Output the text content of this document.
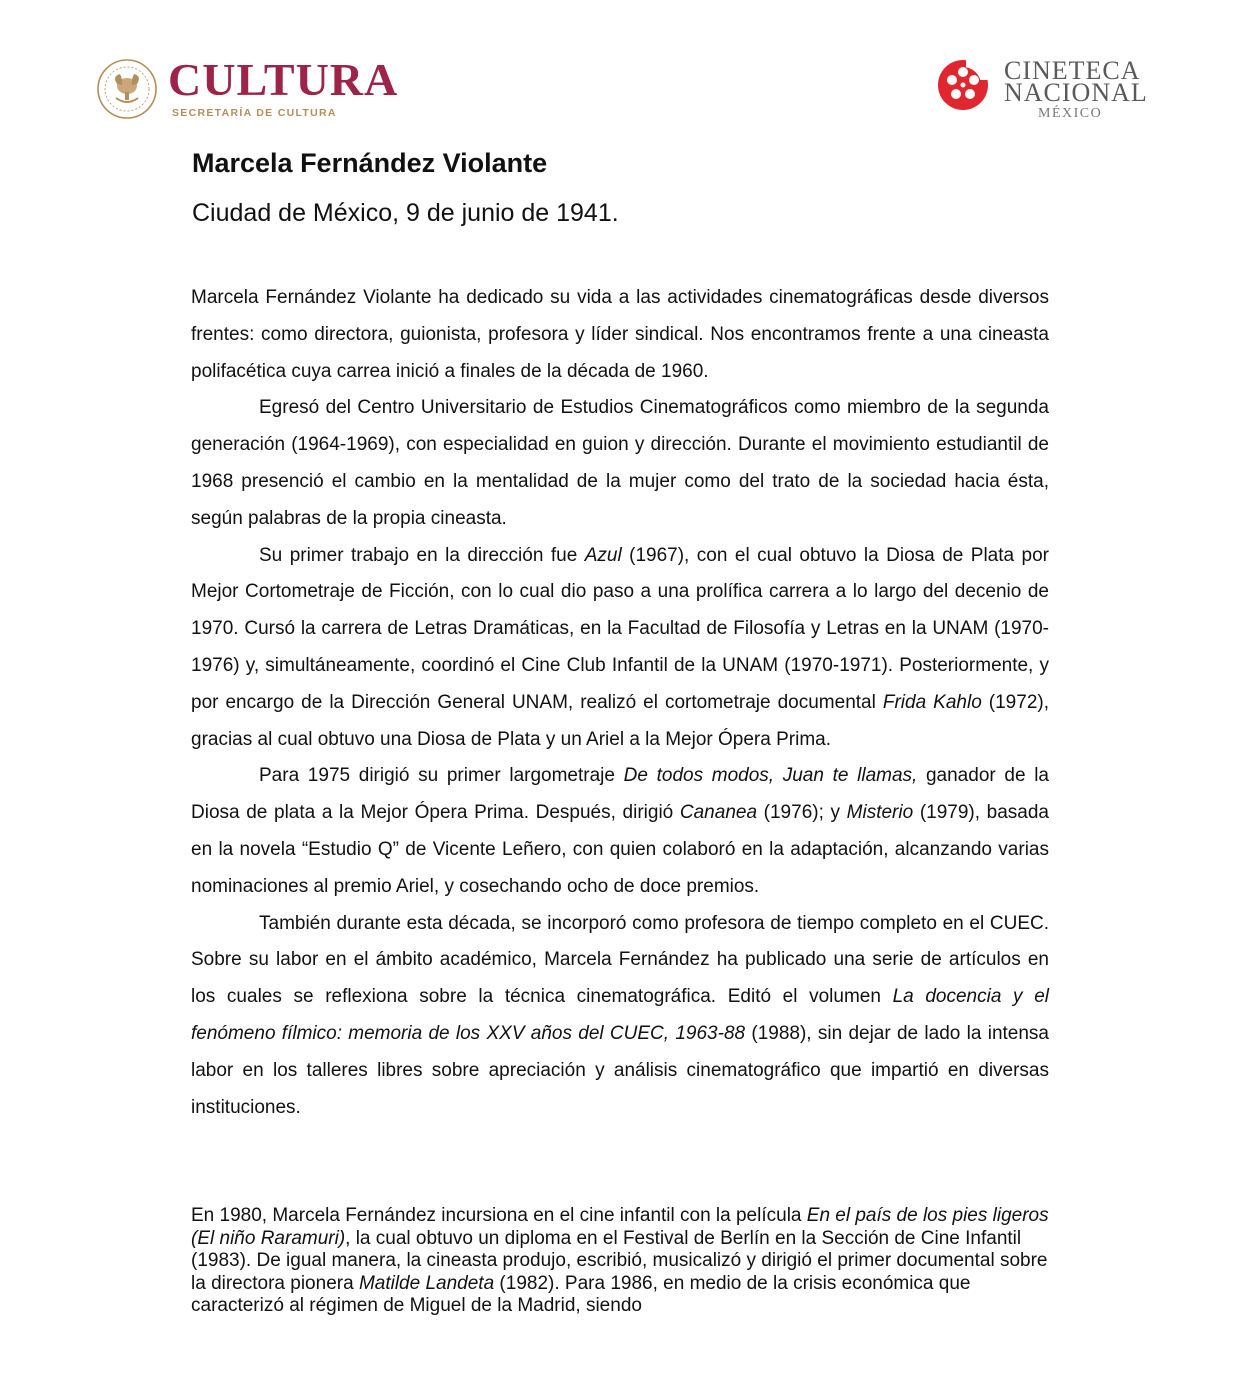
CULTURA
SECRETARÍA DE CULTURA
CINETECA
NACIONAL
MÉXICO
Marcela Fernández Violante
Ciudad de México, 9 de junio de 1941.

Marcela Fernández Violante ha dedicado su vida a las actividades cinematográficas desde diversos frentes: como directora, guionista, profesora y líder sindical. Nos encontramos frente a una cineasta polifacética cuya carrea inició a finales de la década de 1960.

Egresó del Centro Universitario de Estudios Cinematográficos como miembro de la segunda generación (1964-1969), con especialidad en guion y dirección. Durante el movimiento estudiantil de 1968 presenció el cambio en la mentalidad de la mujer como del trato de la sociedad hacia ésta, según palabras de la propia cineasta.

Su primer trabajo en la dirección fue Azul (1967), con el cual obtuvo la Diosa de Plata por Mejor Cortometraje de Ficción, con lo cual dio paso a una prolífica carrera a lo largo del decenio de 1970. Cursó la carrera de Letras Dramáticas, en la Facultad de Filosofía y Letras en la UNAM (1970-1976) y, simultáneamente, coordinó el Cine Club Infantil de la UNAM (1970-1971). Posteriormente, y por encargo de la Dirección General UNAM, realizó el cortometraje documental Frida Kahlo (1972), gracias al cual obtuvo una Diosa de Plata y un Ariel a la Mejor Ópera Prima.

Para 1975 dirigió su primer largometraje De todos modos, Juan te llamas, ganador de la Diosa de plata a la Mejor Ópera Prima. Después, dirigió Cananea (1976); y Misterio (1979), basada en la novela “Estudio Q” de Vicente Leñero, con quien colaboró en la adaptación, alcanzando varias nominaciones al premio Ariel, y cosechando ocho de doce premios.

También durante esta década, se incorporó como profesora de tiempo completo en el CUEC. Sobre su labor en el ámbito académico, Marcela Fernández ha publicado una serie de artículos en los cuales se reflexiona sobre la técnica cinematográfica. Editó el volumen La docencia y el fenómeno fílmico: memoria de los XXV años del CUEC, 1963-88 (1988), sin dejar de lado la intensa labor en los talleres libres sobre apreciación y análisis cinematográfico que impartió en diversas instituciones.

En 1980, Marcela Fernández incursiona en el cine infantil con la película En el país de los pies ligeros (El niño Raramuri), la cual obtuvo un diploma en el Festival de Berlín en la Sección de Cine Infantil (1983). De igual manera, la cineasta produjo, escribió, musicalizó y dirigió el primer documental sobre la directora pionera Matilde Landeta (1982). Para 1986, en medio de la crisis económica que caracterizó al régimen de Miguel de la Madrid, siendo
